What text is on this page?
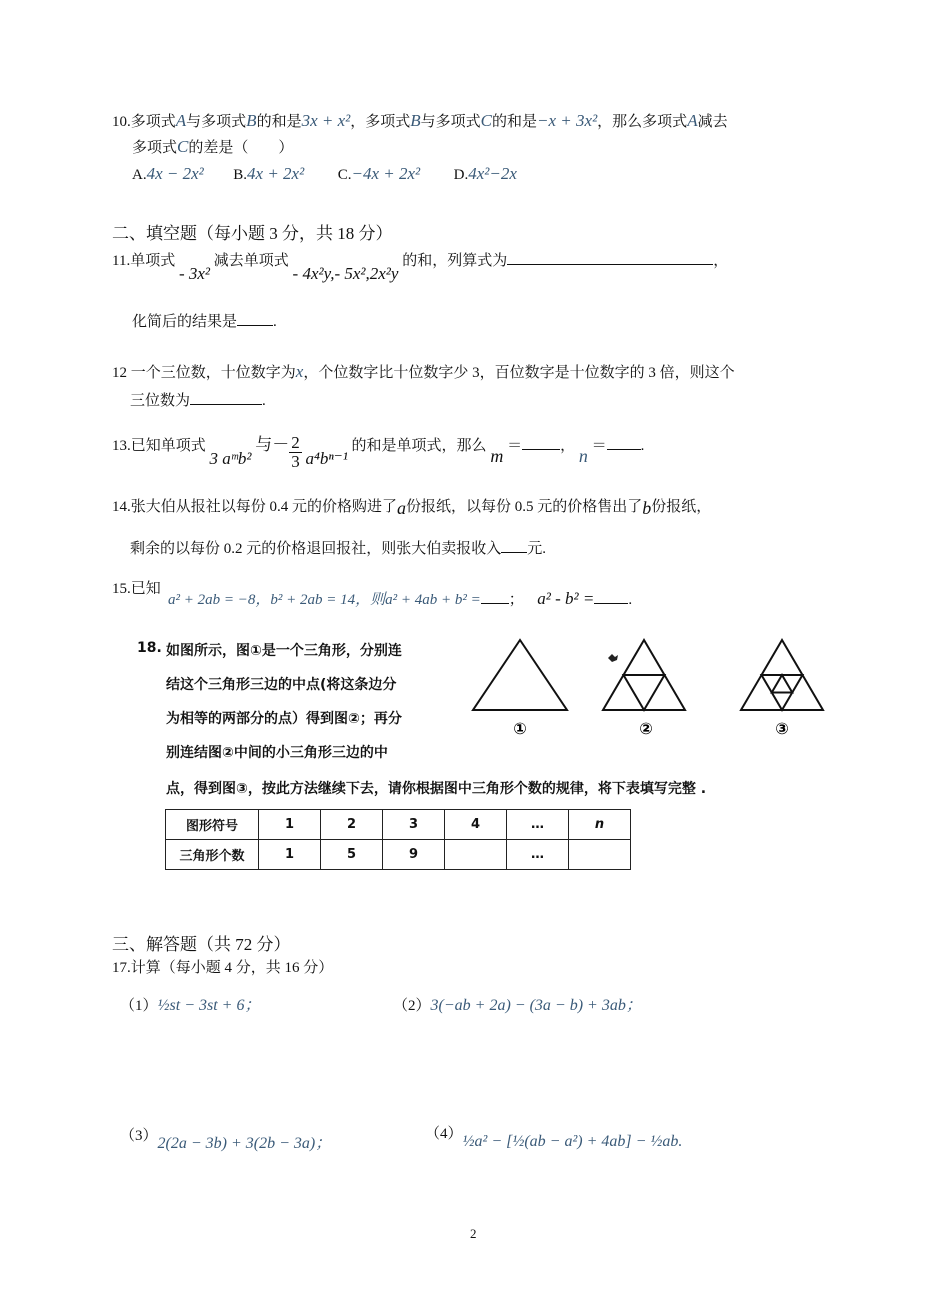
10.多项式A与多项式B的和是3x + x²，多项式B与多项式C的和是−x + 3x²，那么多项式A减去
多项式C的差是（　　）
A.4x − 2x² B.4x + 2x² C.−4x + 2x² D.4x²−2x
二、填空题（每小题 3 分，共 18 分）
11.单项式 - 3x² 减去单项式 - 4x²y,- 5x²,2x²y 的和，列算式为	，
化简后的结果是 .
12 一个三位数，十位数字为x，个位数字比十位数字少 3，百位数字是十位数字的 3 倍，则这个
三位数为	.
13.已知单项式 3 aᵐb² 与－ $\frac{2}{3} a^4b^{n-1}$ 的和是单项式，那么 m ＝	， n ＝ .
14.张大伯从报社以每份 0.4 元的价格购进了a份报纸，以每份 0.5 元的价格售出了b份报纸，
剩余的以每份 0.2 元的价格退回报社，则张大伯卖报收入 元.
15.已知
a² + 2ab = −8，b² + 2ab = 14，则a² + 4ab + b² = ； a² - b² = .
18. 如图所示，图①是一个三角形，分别连
结这个三角形三边的中点(将这条边分
为相等的两部分的点）得到图②；再分
别连结图②中间的小三角形三边的中
点，得到图③，按此方法继续下去，请你根据图中三角形个数的规律，将下表填写完整 .
①	②	③
图形符号	1	2	3	4	…	n
三角形个数	1	5	9		…	
三、解答题（共 72 分）
17.计算（每小题 4 分，共 16 分）
（1）½st − 3st + 6；	（2）3(−ab + 2a) − (3a − b) + 3ab；
（3）2(2a − 3b) + 3(2b − 3a)；
（4）½a² − [½(ab − a²) + 4ab] − ½ab.
2
